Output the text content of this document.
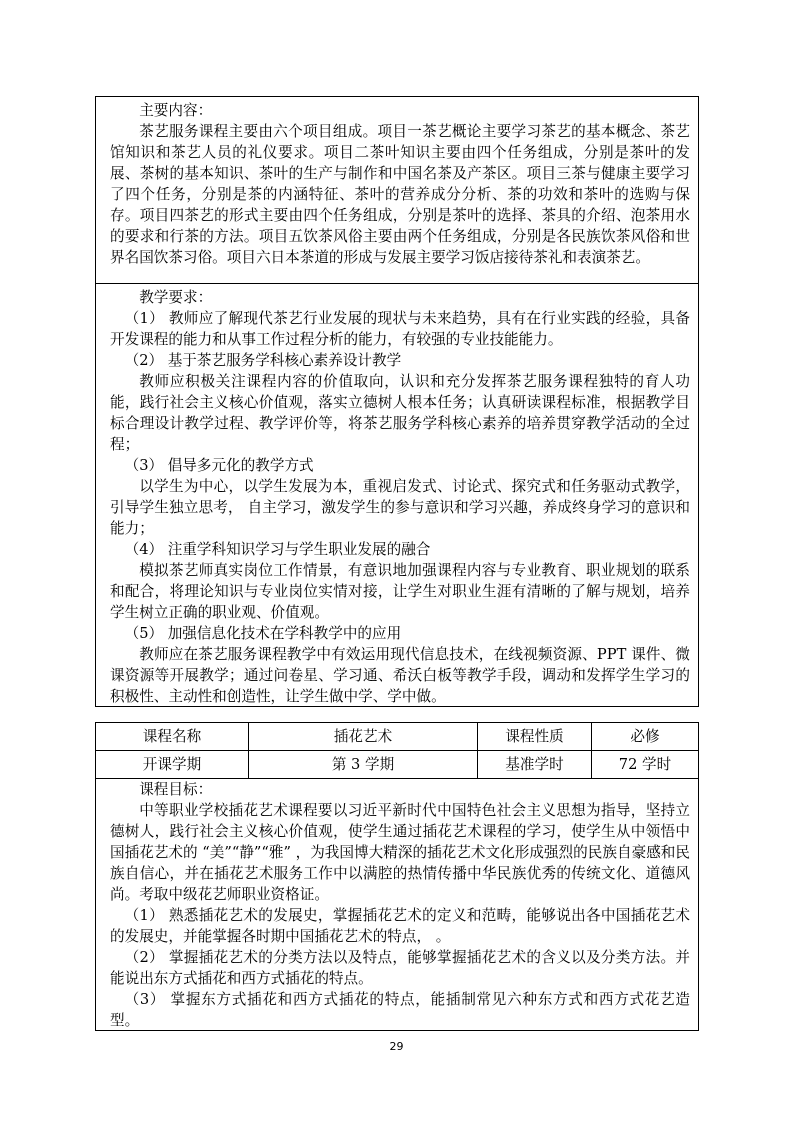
主要内容：

茶艺服务课程主要由六个项目组成。项目一茶艺概论主要学习茶艺的基本概念、茶艺馆知识和茶艺人员的礼仪要求。项目二茶叶知识主要由四个任务组成，分别是茶叶的发展、茶树的基本知识、茶叶的生产与制作和中国名茶及产茶区。项目三茶与健康主要学习了四个任务，分别是茶的内涵特征、茶叶的营养成分分析、茶的功效和茶叶的选购与保存。项目四茶艺的形式主要由四个任务组成，分别是茶叶的选择、茶具的介绍、泡茶用水的要求和行茶的方法。项目五饮茶风俗主要由两个任务组成，分别是各民族饮茶风俗和世界名国饮茶习俗。项目六日本茶道的形成与发展主要学习饭店接待茶礼和表演茶艺。

教学要求：

（1） 教师应了解现代茶艺行业发展的现状与未来趋势，具有在行业实践的经验，具备开发课程的能力和从事工作过程分析的能力，有较强的专业技能能力。

（2） 基于茶艺服务学科核心素养设计教学

教师应积极关注课程内容的价值取向，认识和充分发挥茶艺服务课程独特的育人功能，践行社会主义核心价值观，落实立德树人根本任务；认真研读课程标准，根据教学目标合理设计教学过程、教学评价等，将茶艺服务学科核心素养的培养贯穿教学活动的全过程；

（3） 倡导多元化的教学方式

以学生为中心，以学生发展为本，重视启发式、讨论式、探究式和任务驱动式教学，引导学生独立思考， 自主学习，激发学生的参与意识和学习兴趣，养成终身学习的意识和能力；

（4） 注重学科知识学习与学生职业发展的融合

模拟茶艺师真实岗位工作情景，有意识地加强课程内容与专业教育、职业规划的联系和配合，将理论知识与专业岗位实情对接，让学生对职业生涯有清晰的了解与规划，培养学生树立正确的职业观、价值观。

（5） 加强信息化技术在学科教学中的应用

教师应在茶艺服务课程教学中有效运用现代信息技术，在线视频资源、PPT 课件、微课资源等开展教学；通过问卷星、学习通、希沃白板等教学手段，调动和发挥学生学习的积极性、主动性和创造性，让学生做中学、学中做。

课程名称	插花艺术	课程性质	必修
开课学期	第 3 学期	基准学时	72 学时

课程目标：

中等职业学校插花艺术课程要以习近平新时代中国特色社会主义思想为指导，坚持立德树人，践行社会主义核心价值观，使学生通过插花艺术课程的学习，使学生从中领悟中国插花艺术的 “美”“静”“雅” ，为我国博大精深的插花艺术文化形成强烈的民族自豪感和民族自信心，并在插花艺术服务工作中以满腔的热情传播中华民族优秀的传统文化、道德风尚。考取中级花艺师职业资格证。

（1） 熟悉插花艺术的发展史，掌握插花艺术的定义和范畴，能够说出各中国插花艺术的发展史，并能掌握各时期中国插花艺术的特点， 。

（2） 掌握插花艺术的分类方法以及特点，能够掌握插花艺术的含义以及分类方法。并能说出东方式插花和西方式插花的特点。

（3） 掌握东方式插花和西方式插花的特点，能插制常见六种东方式和西方式花艺造型。

29
